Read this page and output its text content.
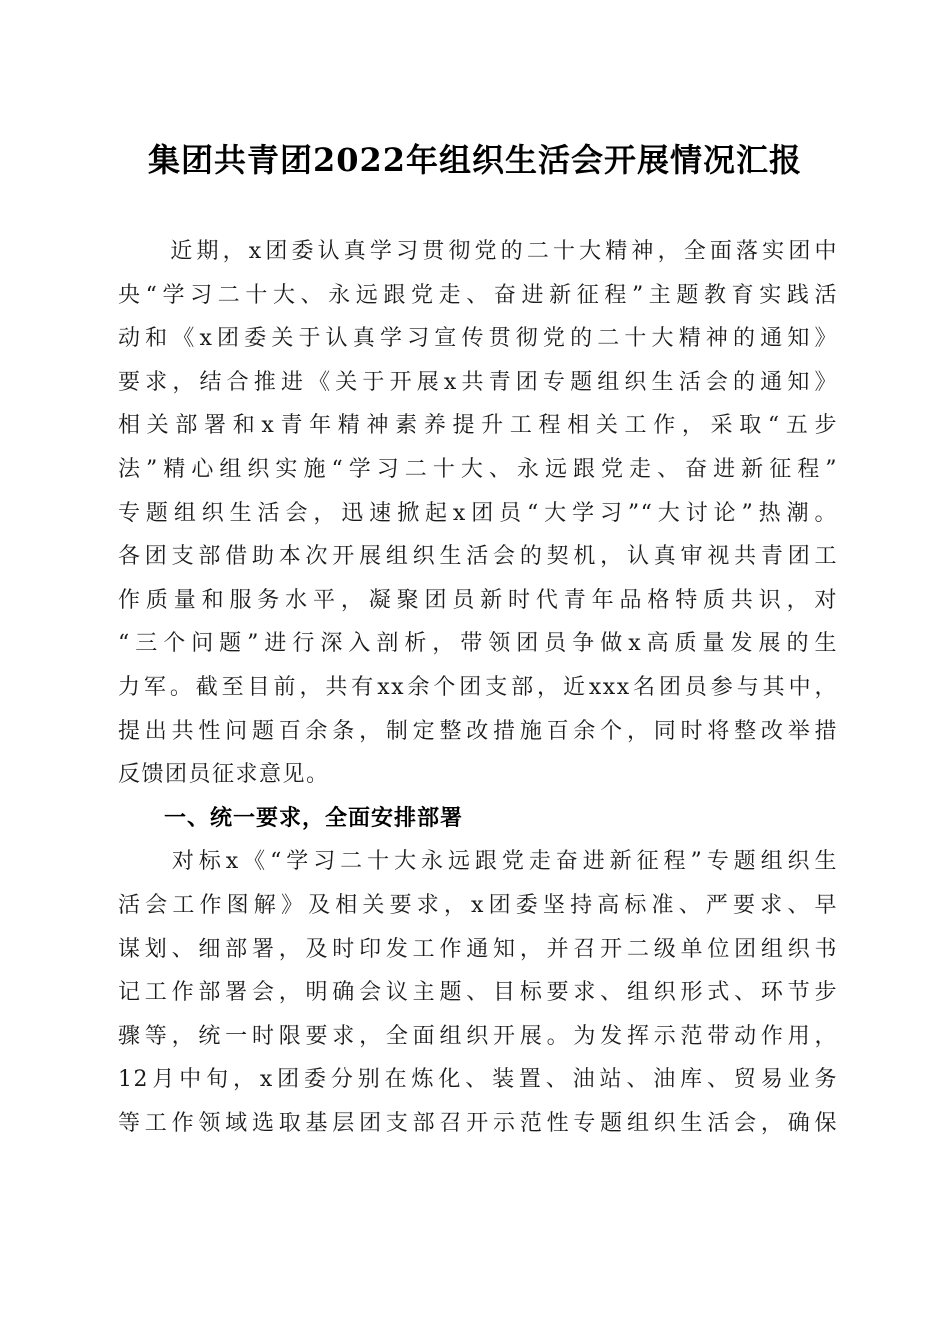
集团共青团2022年组织生活会开展情况汇报
　　近期，x团委认真学习贯彻党的二十大精神，全面落实团中
央“学习二十大、永远跟党走、奋进新征程”主题教育实践活
动和《x团委关于认真学习宣传贯彻党的二十大精神的通知》
要求，结合推进《关于开展x共青团专题组织生活会的通知》
相关部署和x青年精神素养提升工程相关工作，采取“五步
法”精心组织实施“学习二十大、永远跟党走、奋进新征程”
专题组织生活会，迅速掀起x团员“大学习”“大讨论”热潮。
各团支部借助本次开展组织生活会的契机，认真审视共青团工
作质量和服务水平，凝聚团员新时代青年品格特质共识，对
“三个问题”进行深入剖析，带领团员争做x高质量发展的生
力军。截至目前，共有xx余个团支部，近xxx名团员参与其中，
提出共性问题百余条，制定整改措施百余个，同时将整改举措
反馈团员征求意见。
　　一、统一要求，全面安排部署
　　对标x《“学习二十大永远跟党走奋进新征程”专题组织生
活会工作图解》及相关要求，x团委坚持高标准、严要求、早
谋划、细部署，及时印发工作通知，并召开二级单位团组织书
记工作部署会，明确会议主题、目标要求、组织形式、环节步
骤等，统一时限要求，全面组织开展。为发挥示范带动作用，
12月中旬，x团委分别在炼化、装置、油站、油库、贸易业务
等工作领域选取基层团支部召开示范性专题组织生活会，确保
